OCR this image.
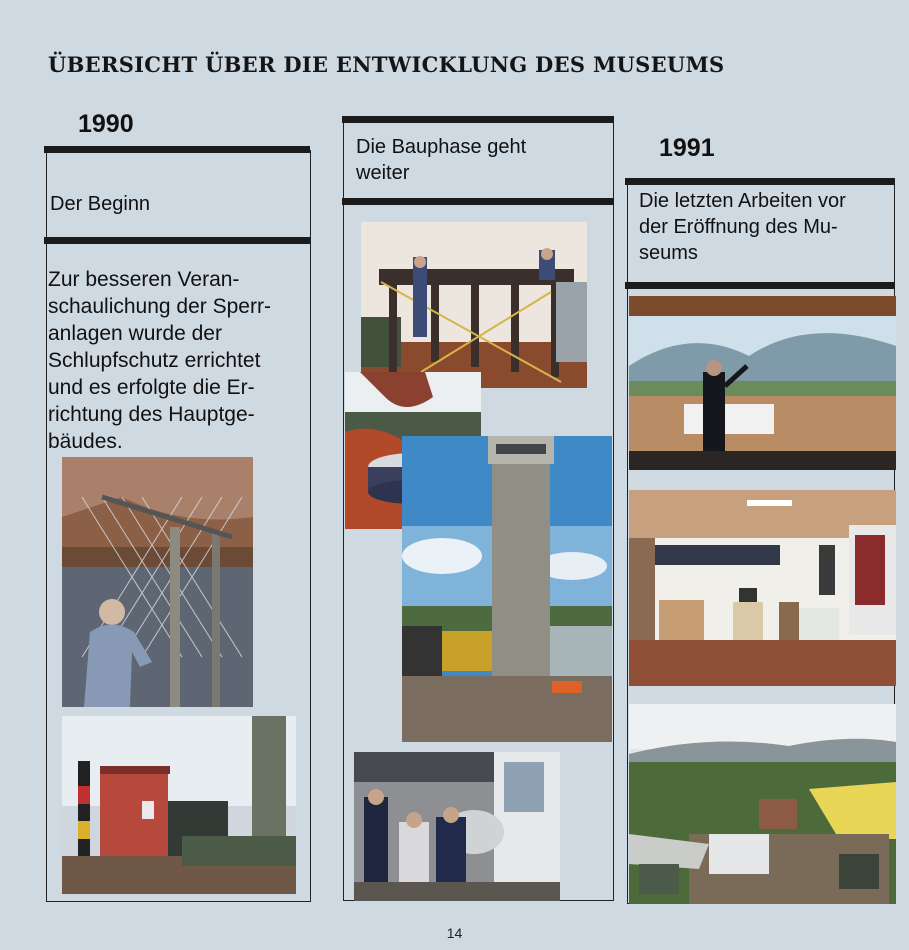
ÜBERSICHT ÜBER DIE ENTWICKLUNG DES MUSEUMS
1990
Der Beginn
Zur besseren Veran-
schaulichung der Sperr-
anlagen wurde der
Schlupfschutz errichtet
und es erfolgte die Er-
richtung des Hauptge-
bäudes.
Die Bauphase geht
weiter
1991
Die letzten Arbeiten vor
der Eröffnung des Mu-
seums
14
